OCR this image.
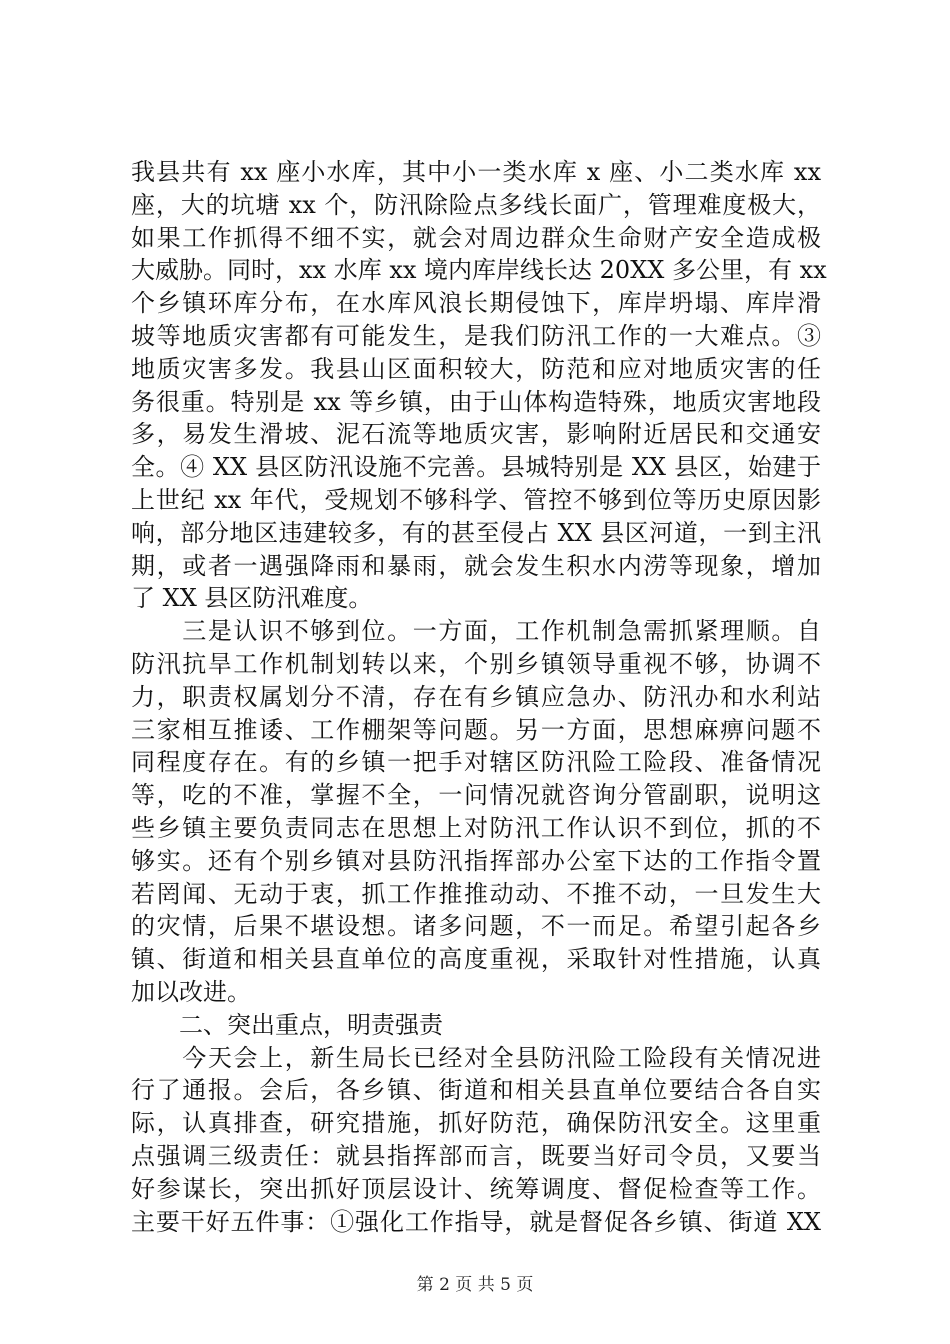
我县共有 xx 座小水库，其中小一类水库 x 座、小二类水库 xx
座，大的坑塘 xx 个，防汛除险点多线长面广，管理难度极大，
如果工作抓得不细不实，就会对周边群众生命财产安全造成极
大威胁。同时，xx 水库 xx 境内库岸线长达 20XX 多公里，有 xx
个乡镇环库分布，在水库风浪长期侵蚀下，库岸坍塌、库岸滑
坡等地质灾害都有可能发生，是我们防汛工作的一大难点。③
地质灾害多发。我县山区面积较大，防范和应对地质灾害的任
务很重。特别是 xx 等乡镇，由于山体构造特殊，地质灾害地段
多，易发生滑坡、泥石流等地质灾害，影响附近居民和交通安
全。④ XX 县区防汛设施不完善。县城特别是 XX 县区，始建于
上世纪 xx 年代，受规划不够科学、管控不够到位等历史原因影
响，部分地区违建较多，有的甚至侵占 XX 县区河道，一到主汛
期，或者一遇强降雨和暴雨，就会发生积水内涝等现象，增加
了 XX 县区防汛难度。
　　三是认识不够到位。一方面，工作机制急需抓紧理顺。自
防汛抗旱工作机制划转以来，个别乡镇领导重视不够，协调不
力，职责权属划分不清，存在有乡镇应急办、防汛办和水利站
三家相互推诿、工作棚架等问题。另一方面，思想麻痹问题不
同程度存在。有的乡镇一把手对辖区防汛险工险段、准备情况
等，吃的不准，掌握不全，一问情况就咨询分管副职，说明这
些乡镇主要负责同志在思想上对防汛工作认识不到位，抓的不
够实。还有个别乡镇对县防汛指挥部办公室下达的工作指令置
若罔闻、无动于衷，抓工作推推动动、不推不动，一旦发生大
的灾情，后果不堪设想。诸多问题，不一而足。希望引起各乡
镇、街道和相关县直单位的高度重视，采取针对性措施，认真
加以改进。
　　二、突出重点，明责强责
　　今天会上，新生局长已经对全县防汛险工险段有关情况进
行了通报。会后，各乡镇、街道和相关县直单位要结合各自实
际，认真排查，研究措施，抓好防范，确保防汛安全。这里重
点强调三级责任：就县指挥部而言，既要当好司令员，又要当
好参谋长，突出抓好顶层设计、统筹调度、督促检查等工作。
主要干好五件事：①强化工作指导，就是督促各乡镇、街道 XX
第 2 页 共 5 页
